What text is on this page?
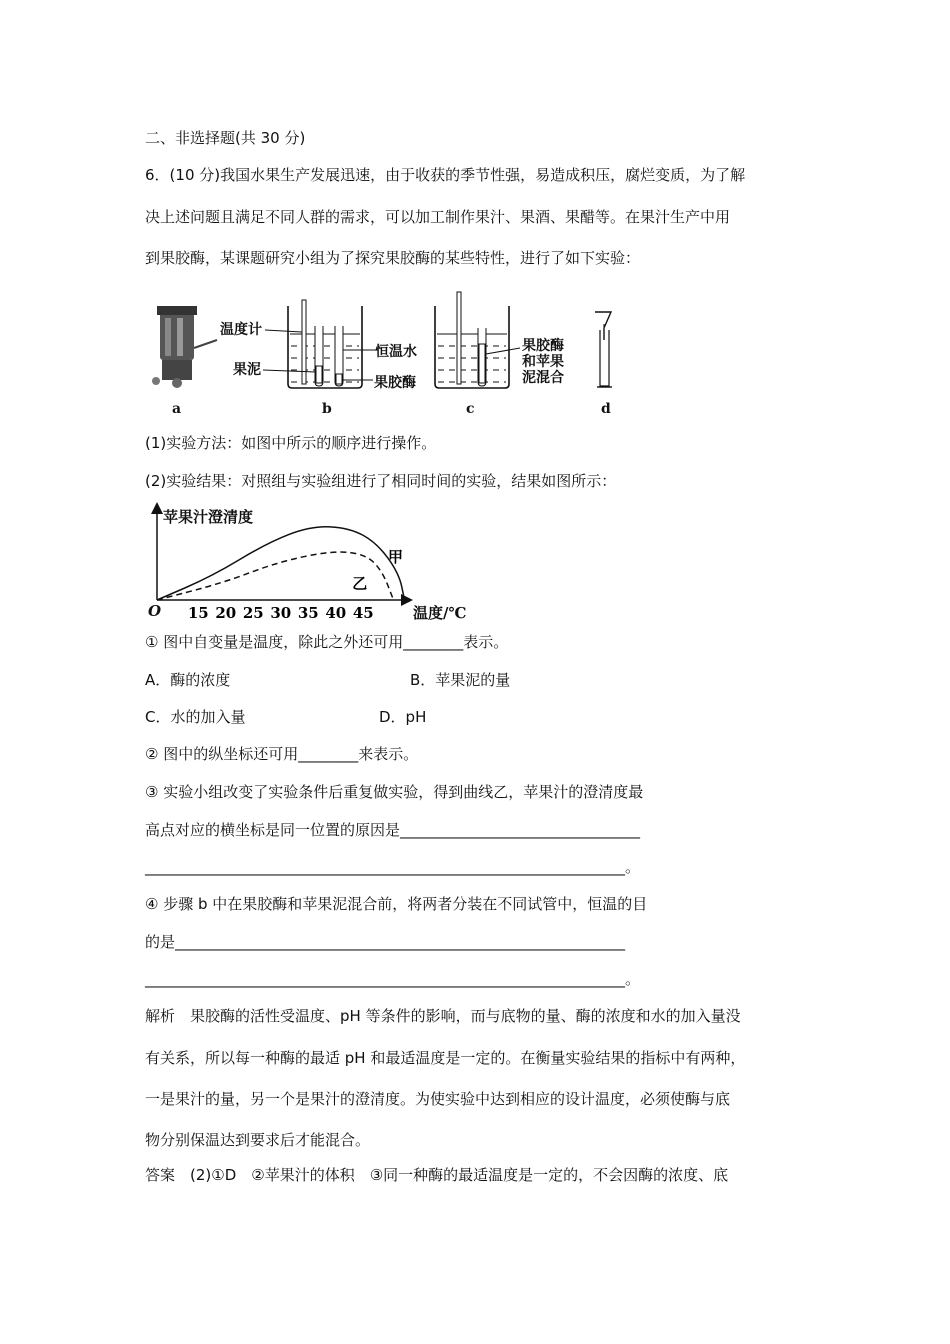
二、非选择题(共 30 分)
6．(10 分)我国水果生产发展迅速，由于收获的季节性强，易造成积压，腐烂变质，为了解
决上述问题且满足不同人群的需求，可以加工制作果汁、果酒、果醋等。在果汁生产中用
到果胶酶，某课题研究小组为了探究果胶酶的某些特性，进行了如下实验：
温度计
恒温水
果泥
果胶酶
果胶酶
和苹果
泥混合
a	b	c	d
(1)实验方法：如图中所示的顺序进行操作。
(2)实验结果：对照组与实验组进行了相同时间的实验，结果如图所示：
15 20 25 30 35 40 45
甲
乙
苹果汁澄清度
温度/℃
O
① 图中自变量是温度，除此之外还可用________表示。
A．酶的浓度	B．苹果泥的量
C．水的加入量	D．pH
② 图中的纵坐标还可用________来表示。
③ 实验小组改变了实验条件后重复做实验，得到曲线乙，苹果汁的澄清度最
高点对应的横坐标是同一位置的原因是________________________________
________________________________________________________________。
④ 步骤 b 中在果胶酶和苹果泥混合前，将两者分装在不同试管中，恒温的目
的是____________________________________________________________
________________________________________________________________。
解析　果胶酶的活性受温度、pH 等条件的影响，而与底物的量、酶的浓度和水的加入量没
有关系，所以每一种酶的最适 pH 和最适温度是一定的。在衡量实验结果的指标中有两种，
一是果汁的量，另一个是果汁的澄清度。为使实验中达到相应的设计温度，必须使酶与底
物分别保温达到要求后才能混合。
答案　(2)①D　②苹果汁的体积　③同一种酶的最适温度是一定的，不会因酶的浓度、底
